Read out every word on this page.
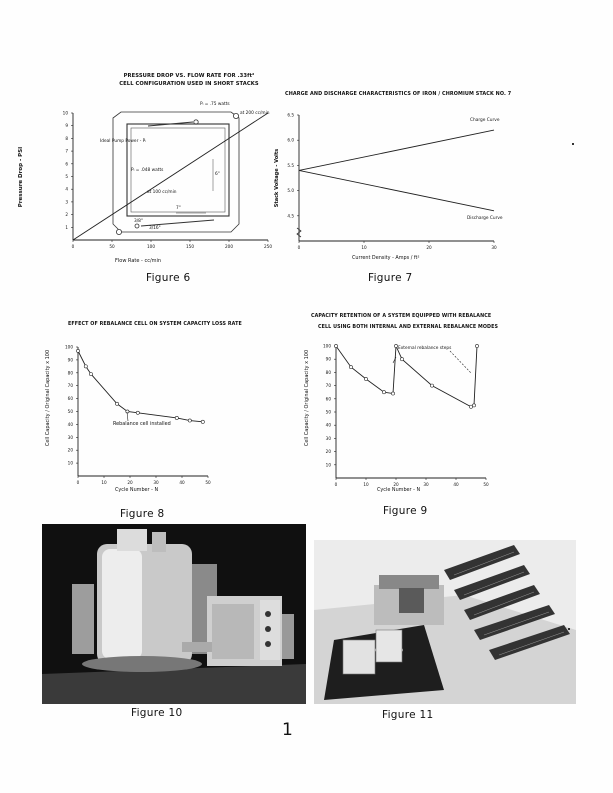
PRESSURE DROP VS. FLOW RATE FOR .33ft²
CELL CONFIGURATION USED IN SHORT STACKS
0	50	100	150	200	250
1
2
3
4
5
6
7
8
9
10
Pᵢ = .75 watts
at 200 cc/min
Ideal Pump Power - Pᵢ
Pᵢ = .048 watts
at 100 cc/min
6"
7"
3/8"
3/16"
Flow Rate - cc/min
Pressure Drop - PSI
Figure 6
CHARGE AND DISCHARGE CHARACTERISTICS OF IRON / CHROMIUM STACK NO. 7
0	10	20	30
4.5
5.0
5.5
6.0
6.5
Charge Curve
Discharge Curve
Current Density - Amps / ft²
Stack Voltage - Volts
Figure 7
EFFECT OF REBALANCE CELL ON SYSTEM CAPACITY LOSS RATE
0	10	20	30	40	50
10
20
30
40
50
60
70
80
90
100
Rebalance cell installed
Cycle Number - N
Cell Capacity / Original Capacity x 100
Figure 8
CAPACITY RETENTION OF A SYSTEM EQUIPPED WITH REBALANCE
CELL USING BOTH INTERNAL AND EXTERNAL REBALANCE MODES
0	10	20	30	40	50
10
20
30
40
50
60
70
80
90
100	External rebalance steps
Cycle Number - N
Cell Capacity / Original Capacity x 100
Figure 9
Figure 10	Figure 11
1
